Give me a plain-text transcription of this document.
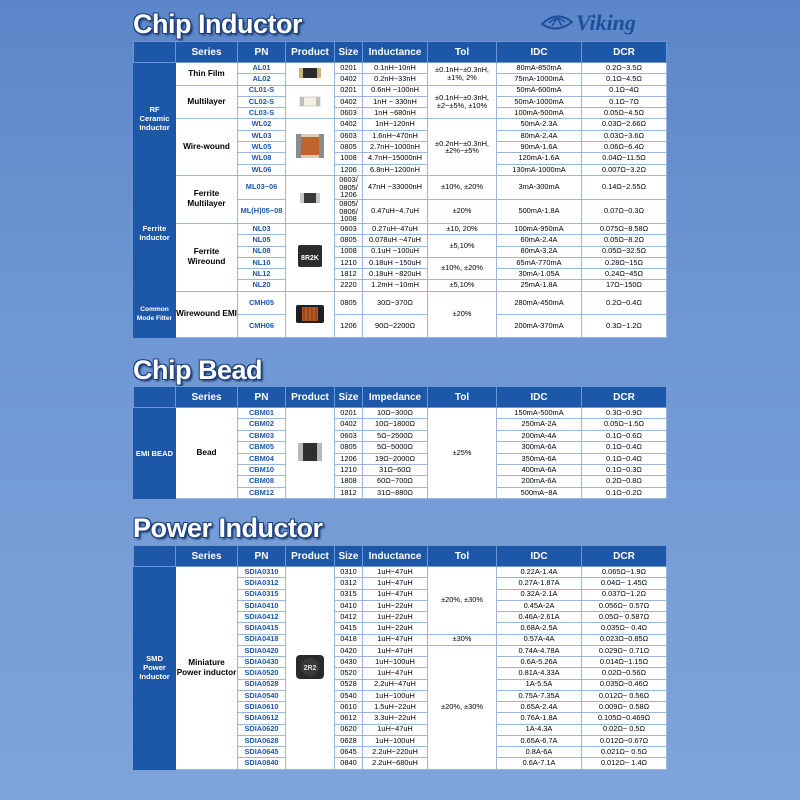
Viking
Chip Inductor
	Series	PN	Product	Size	Inductance	Tol	IDC	DCR
RF Ceramic Inductor	Thin Film	AL01		0201	0.1nH~10nH	±0.1nH~±0.3nH, ±1%, 2%	80mA-850mA	0.2Ω~3.5Ω
		AL02		0402	0.2nH~33nH		75mA-1000mA	0.1Ω~4.5Ω
	Multilayer	CL01-S		0201	0.6nH ~100nH	±0.1nH~±0.3nH, ±2~±5%, ±10%	50mA-600mA	0.1Ω~4Ω
		CL02-S		0402	1nH ~ 330nH		50mA-1000mA	0.1Ω~7Ω
		CL03-S		0603	1nH ~680nH		100mA-500mA	0.05Ω~4.5Ω
	Wire-wound	WL02		0402	1nH~120nH	±0.2nH~±0.3nH, ±2%~±5%	50mA-2.3A	0.03Ω~2.66Ω
		WL03		0603	1.6nH~470nH		80mA-2.4A	0.03Ω~3.6Ω
		WL05		0805	2.7nH~1000nH		90mA-1.6A	0.06Ω~6.4Ω
		WL08		1008	4.7nH~15000nH		120mA-1.6A	0.04Ω~11.5Ω
		WL06		1206	6.8nH~1200nH		130mA-1000mA	0.007Ω~3.2Ω
Ferrite Inductor	Ferrite Multilayer	ML03~06		0603/ 0805/ 1206	47nH ~33000nH	±10%, ±20%	3mA-300mA	0.14Ω~2.55Ω
		ML(H)05~08		0805/ 0806/ 1008	0.47uH~4.7uH	±20%	500mA-1.8A	0.07Ω~0.3Ω
	Ferrite Wireound	NL03	8R2K	0603	0.27uH~47uH	±10, 20%	100mA-950mA	0.075Ω~8.58Ω
		NL05		0805	0.078uH ~47uH	±5,10%	60mA-2.4A	0.05Ω~8.2Ω
		NL08		1008	0.1uH ~100uH		80mA-3.2A	0.05Ω~32.5Ω
		NL10		1210	0.18uH ~150uH	±10%, ±20%	65mA-770mA	0.28Ω~15Ω
		NL12		1812	0.18uH ~820uH		30mA-1.05A	0.24Ω~45Ω
		NL20		2220	1.2mH ~10mH	±5,10%	25mA-1.8A	17Ω~150Ω
Common Mode Filter	Wirewound EMI	CMH05		0805	30Ω~370Ω	±20%	280mA-450mA	0.2Ω~0.4Ω
		CMH06		1206	90Ω~2200Ω		200mA-370mA	0.3Ω~1.2Ω
Chip Bead
	Series	PN	Product	Size	Impedance	Tol	IDC	DCR
EMI BEAD	Bead	CBM01		0201	10Ω~300Ω	±25%	150mA-500mA	0.3Ω~0.9Ω
		CBM02		0402	10Ω~1800Ω		250mA-2A	0.05Ω~1.5Ω
		CBM03		0603	5Ω~2500Ω		200mA-4A	0.1Ω~0.6Ω
		CBM05		0805	5Ω~5000Ω		300mA-6A	0.1Ω~0.4Ω
		CBM04		1206	19Ω~2000Ω		350mA-6A	0.1Ω~0.4Ω
		CBM10		1210	31Ω~60Ω		400mA-6A	0.1Ω~0.3Ω
		CBM08		1808	60Ω~700Ω		200mA-6A	0.2Ω~0.8Ω
		CBM12		1812	31Ω~880Ω		500mA~8A	0.1Ω~0.2Ω
Power Inductor
	Series	PN	Product	Size	Inductance	Tol	IDC	DCR
SMD Power Inductor	Miniature Power inductor	SDIA0310	2R2	0310	1uH~47uH	±20%, ±30%	0.22A-1.4A	0.065Ω~1.9Ω
		SDIA0312		0312	1uH~47uH		0.27A-1.87A	0.04Ω~ 1.45Ω
		SDIA0315		0315	1uH~47uH		0.32A-2.1A	0.037Ω~1.2Ω
		SDIA0410		0410	1uH~22uH		0.45A-2A	0.056Ω~ 0.57Ω
		SDIA0412		0412	1uH~22uH		0.46A-2.61A	0.05Ω~ 0.587Ω
		SDIA0415		0415	1uH~22uH		0.68A-2.5A	0.035Ω~ 0.4Ω
		SDIA0418		0418	1uH~47uH	±30%	0.57A-4A	0.023Ω~0.85Ω
		SDIA0420		0420	1uH~47uH	±20%, ±30%	0.74A-4.78A	0.029Ω~ 0.71Ω
		SDIA0430		0430	1uH~100uH		0.6A-5.26A	0.014Ω~1.15Ω
		SDIA0520		0520	1uH~47uH		0.81A-4.33A	0.02Ω~0.56Ω
		SDIA0528		0528	2.2uH~47uH		1A-5.5A	0.035Ω~0.46Ω
		SDIA0540		0540	1uH~100uH		0.75A-7.35A	0.012Ω~ 0.56Ω
		SDIA0610		0610	1.5uH~22uH		0.65A-2.4A	0.009Ω~ 0.58Ω
		SDIA0612		0612	3.3uH~22uH		0.76A-1.8A	0.105Ω~0.469Ω
		SDIA0620		0620	1uH~47uH		1A-4.3A	0.02Ω~ 0.5Ω
		SDIA0628		0628	1uH~100uH		0.65A-6.7A	0.012Ω~0.67Ω
		SDIA0645		0645	2.2uH~220uH		0.8A-6A	0.021Ω~ 0.5Ω
		SDIA0840		0840	2.2uH~680uH		0.6A-7.1A	0.012Ω~ 1.4Ω
